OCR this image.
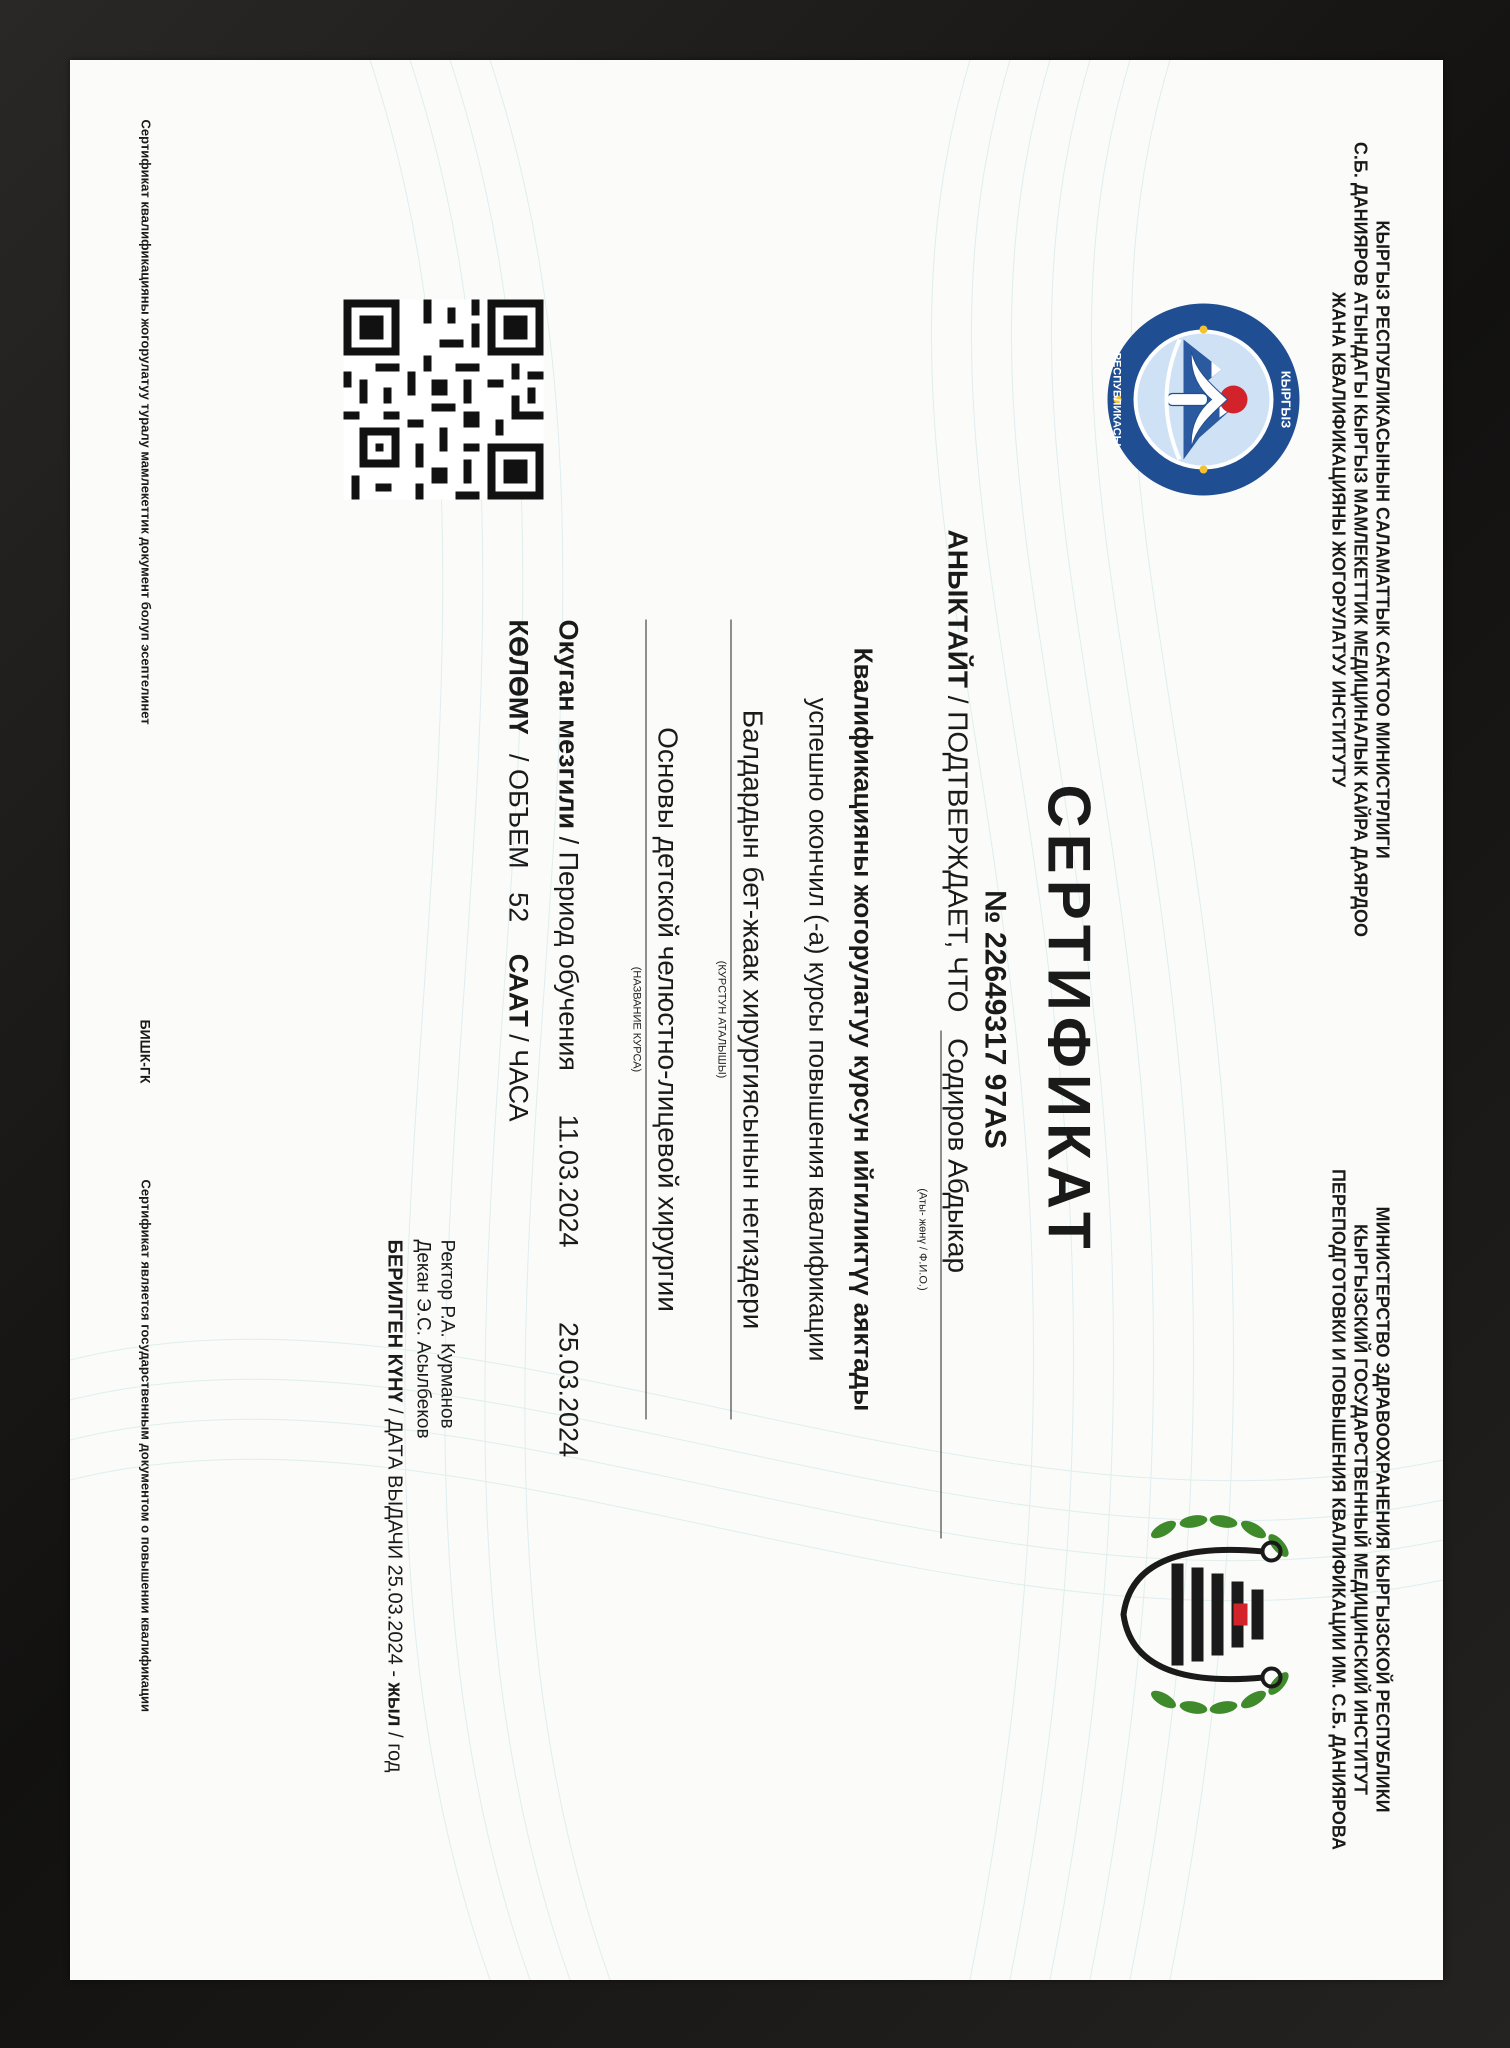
КЫРГЫЗ РЕСПУБЛИКАСЫНЫН САЛАМАТТЫК САКТОО МИНИСТРЛИГИ
С.Б. ДАНИЯРОВ АТЫНДАГЫ КЫРГЫЗ МАМЛЕКЕТТИК МЕДИЦИНАЛЫК КАЙРА ДАЯРДОО
ЖАНА КВАЛИФИКАЦИЯНЫ ЖОГОРУЛАТУУ ИНСТИТУТУ
МИНИСТЕРСТВО ЗДРАВООХРАНЕНИЯ КЫРГЫЗСКОЙ РЕСПУБЛИКИ
КЫРГЫЗСКИЙ ГОСУДАРСТВЕННЫЙ МЕДИЦИНСКИЙ ИНСТИТУТ
ПЕРЕПОДГОТОВКИ И ПОВЫШЕНИЯ КВАЛИФИКАЦИИ ИМ. С.Б. ДАНИЯРОВА
КЫРГЫЗ
РЕСПУБЛИКАСЫ
СЕРТИФИКАТ
№ 22649317 97AS
АНЫКТАЙТ / ПОДТВЕРЖДАЕТ, ЧТО Содиров Абдыкар
(Аты- жөнү / Ф.И.О.)
Квалификацияны жогорулатуу курсун ийгиликтүү аяктады
успешно окончил (-а) курсы повышения квалификации
Балдардын бет-жаак хирургиясынын негиздери
(КУРСТУН АТАЛЫШЫ)
Основы детской челюстно-лицевой хирургии
(НАЗВАНИЕ КУРСА)
Окуган мезгили / Период обучения 11.03.2024 25.03.2024
КӨЛӨМҮ / ОБЪЕМ 52 СААТ / ЧАСА
Ректор Р.А. Курманов
Декан Э.С. Асылбеков
БЕРИЛГЕН КҮНҮ / ДАТА ВЫДАЧИ 25.03.2024 - жыл / год
Сертификат квалификацияны жогорулатуу туралу мамлекеттик документ болуп эсептелинет
БИШК-ГК
Сертификат является государственным документом о повышении квалификации
